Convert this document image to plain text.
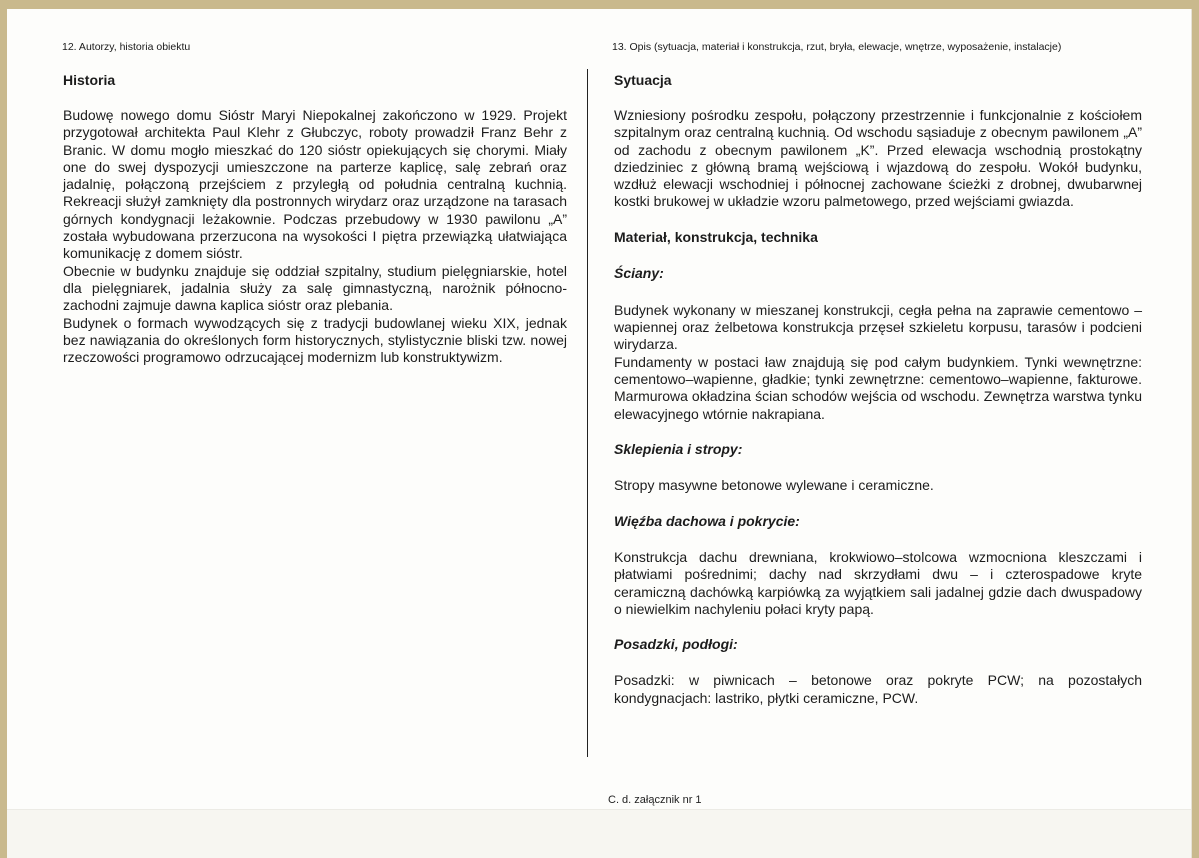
12. Autorzy, historia obiektu	13. Opis (sytuacja, materiał i konstrukcja, rzut, bryła, elewacje, wnętrze, wyposażenie, instalacje)
Historia

Budowę nowego domu Sióstr Maryi Niepokalnej zakończono w 1929. Projekt przygotował architekta Paul Klehr z Głubczyc, roboty prowadził Franz Behr z Branic. W domu mogło mieszkać do 120 sióstr opiekujących się chorymi. Miały one do swej dyspozycji umieszczone na parterze kaplicę, salę zebrań oraz jadalnię, połączoną przejściem z przyległą od południa centralną kuchnią. Rekreacji służył zamknięty dla postronnych wirydarz oraz urządzone na tarasach górnych kondygnacji leżakownie. Podczas przebudowy w 1930 pawilonu „A” została wybudowana przerzucona na wysokości I piętra przewiązką ułatwiająca komunikację z domem sióstr.

Obecnie w budynku znajduje się oddział szpitalny, studium pielęgniarskie, hotel dla pielęgniarek, jadalnia służy za salę gimnastyczną, narożnik północno-zachodni zajmuje dawna kaplica sióstr oraz plebania.

Budynek o formach wywodzących się z tradycji budowlanej wieku XIX, jednak bez nawiązania do określonych form historycznych, stylistycznie bliski tzw. nowej rzeczowości programowo odrzucającej modernizm lub konstruktywizm.

Sytuacja

Wzniesiony pośrodku zespołu, połączony przestrzennie i funkcjonalnie z kościołem szpitalnym oraz centralną kuchnią. Od wschodu sąsiaduje z obecnym pawilonem „A” od zachodu z obecnym pawilonem „K”. Przed elewacja wschodnią prostokątny dziedziniec z główną bramą wejściową i wjazdową do zespołu. Wokół budynku, wzdłuż elewacji wschodniej i północnej zachowane ścieżki z drobnej, dwubarwnej kostki brukowej w układzie wzoru palmetowego, przed wejściami gwiazda.

Materiał, konstrukcja, technika
Ściany:

Budynek wykonany w mieszanej konstrukcji, cegła pełna na zaprawie cementowo – wapiennej oraz żelbetowa konstrukcja przęseł szkieletu korpusu, tarasów i podcieni wirydarza.

Fundamenty w postaci ław znajdują się pod całym budynkiem. Tynki wewnętrzne: cementowo–wapienne, gładkie; tynki zewnętrzne: cementowo–wapienne, fakturowe. Marmurowa okładzina ścian schodów wejścia od wschodu. Zewnętrza warstwa tynku elewacyjnego wtórnie nakrapiana.

Sklepienia i stropy:

Stropy masywne betonowe wylewane i ceramiczne.

Więźba dachowa i pokrycie:

Konstrukcja dachu drewniana, krokwiowo–stolcowa wzmocniona kleszczami i płatwiami pośrednimi; dachy nad skrzydłami dwu – i czterospadowe kryte ceramiczną dachówką karpiówką za wyjątkiem sali jadalnej gdzie dach dwuspadowy o niewielkim nachyleniu połaci kryty papą.

Posadzki, podłogi:

Posadzki: w piwnicach – betonowe oraz pokryte PCW; na pozostałych kondygnacjach: lastriko, płytki ceramiczne, PCW.

C. d. załącznik nr 1
